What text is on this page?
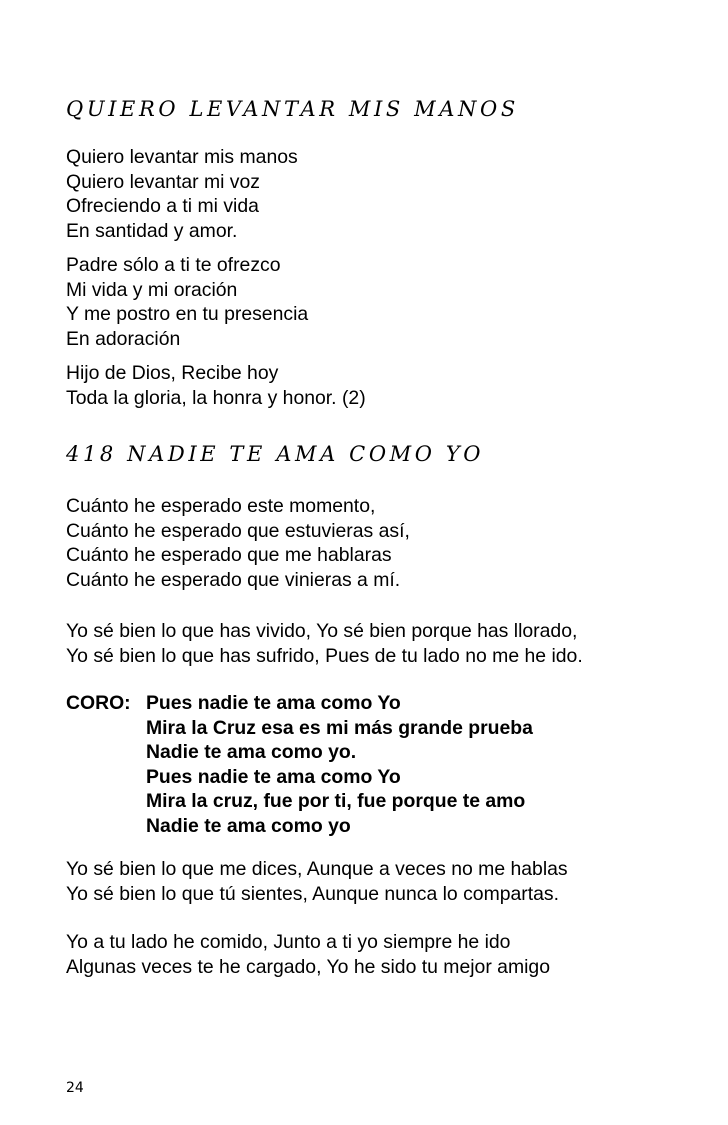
QUIERO LEVANTAR MIS MANOS

Quiero levantar mis manos
Quiero levantar mi voz
Ofreciendo a ti mi vida
En santidad y amor.

Padre sólo a ti te ofrezco
Mi vida y mi oración
Y me postro en tu presencia
En adoración

Hijo de Dios, Recibe hoy
Toda la gloria, la honra y honor. (2)

418 NADIE TE AMA COMO YO

Cuánto he esperado este momento,
Cuánto he esperado que estuvieras así,
Cuánto he esperado que me hablaras
Cuánto he esperado que vinieras a mí.

Yo sé bien lo que has vivido, Yo sé bien porque has llorado,
Yo sé bien lo que has sufrido, Pues de tu lado no me he ido.

CORO: Pues nadie te ama como Yo
Mira la Cruz esa es mi más grande prueba
Nadie te ama como yo.
Pues nadie te ama como Yo
Mira la cruz, fue por ti, fue porque te amo
Nadie te ama como yo

Yo sé bien lo que me dices, Aunque a veces no me hablas
Yo sé bien lo que tú sientes, Aunque nunca lo compartas.

Yo a tu lado he comido, Junto a ti yo siempre he ido
Algunas veces te he cargado, Yo he sido tu mejor amigo

24
